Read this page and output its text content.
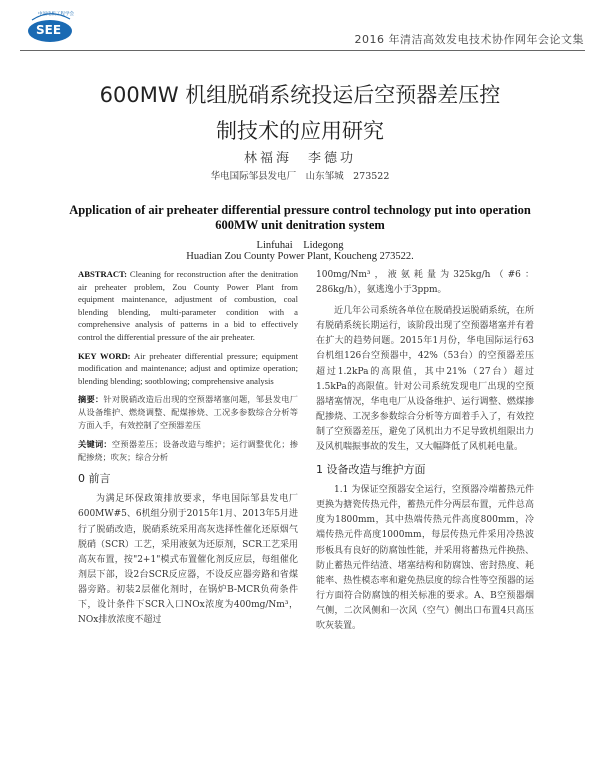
SEE
中国电机工程学会
2016 年清洁高效发电技术协作网年会论文集
600MW 机组脱硝系统投运后空预器差压控
制技术的应用研究
林福海　李德功
华电国际邹县发电厂　山东邹城　273522
Application of air preheater differential pressure control technology put into operation 600MW unit denitration system
Linfuhai　Lidegong
Huadian Zou County Power Plant, Koucheng 273522.

ABSTRACT: Cleaning for reconstruction after the denitration air preheater problem, Zou County Power Plant from equipment maintenance, adjustment of combustion, coal blending blending, multi-parameter condition with a comprehensive analysis of patterns in a bid to effectively control the differential pressure of the air preheater.

KEY WORD: Air preheater differential pressure; equipment modification and maintenance; adjust and optimize operation; blending blending; sootblowing; comprehensive analysis

摘要：针对脱硝改造后出现的空预器堵塞问题，邹县发电厂从设备维护、燃烧调整、配煤掺烧、工况多参数综合分析等方面入手，有效控制了空预器差压

关键词：空预器差压；设备改造与维护；运行调整优化；掺配掺烧；吹灰；综合分析

0 前言

为满足环保政策排放要求，华电国际邹县发电厂600MW#5、6机组分别于2015年1月、2013年5月进行了脱硝改造，脱硝系统采用高灰选择性催化还原烟气脱硝（SCR）工艺，采用液氨为还原剂，SCR工艺采用高灰布置，按"2+1"模式布置催化剂反应层，每组催化剂层下部，设2台SCR反应器，不设反应器旁路和省煤器旁路。初装2层催化剂时，在锅炉B-MCR负荷条件下，设计条件下SCR入口NOx浓度为400mg/Nm³，NOx排放浓度不超过

100mg/Nm³，液氨耗量为325kg/h（#6：286kg/h），氨逃逸小于3ppm。

近几年公司系统各单位在脱硝投运脱硝系统，在所有脱硝系统长期运行，该阶段出现了空预器堵塞并有着在扩大的趋势问题。2015年1月份，华电国际运行63台机组126台空预器中，42%（53台）的空预器差压超过1.2kPa的高限值，其中21%（27台）超过1.5kPa的高限值。针对公司系统发现电厂出现的空预器堵塞情况，华电电厂从设备维护、运行调整、燃煤掺配掺烧、工况多参数综合分析等方面着手入了，有效控制了空预器差压，避免了风机出力不足导致机组限出力及风机喘振事故的发生，又大幅降低了风机耗电量。

1 设备改造与维护方面

1.1 为保证空预器安全运行，空预器冷端蓄热元件更换为搪瓷传热元件，蓄热元件分两层布置，元件总高度为1800mm，其中热端传热元件高度800mm，冷端传热元件高度1000mm，每层传热元件采用冷热波形板具有良好的防腐蚀性能，并采用将蓄热元件换热、防止蓄热元件结渣、堵塞结构和防腐蚀、密封热度、耗能率、热性模态率和避免热层度的综合性等空预器的运行方面符合防腐蚀的相关标准的要求。A、B空预器烟气侧，二次风侧和一次风（空气）侧出口布置4只高压吹灰装置。
